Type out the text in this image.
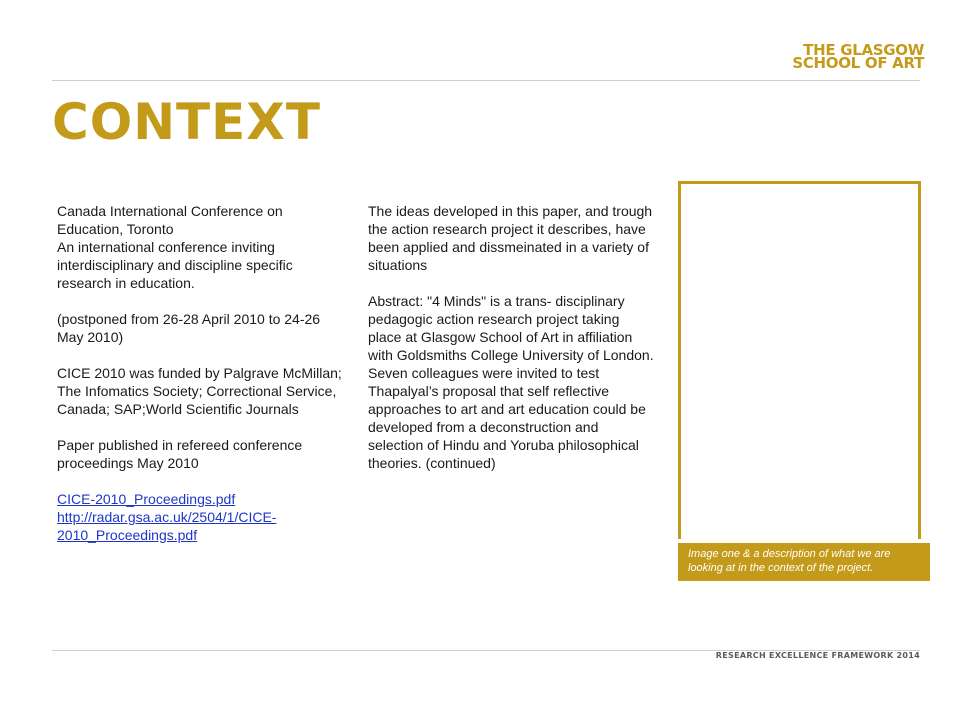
THE GLASGOW
SCHOOL OF ART
CONTEXT

Canada International Conference on Education, Toronto
An international conference inviting interdisciplinary and discipline specific research in education.

(postponed from 26-28 April 2010 to 24-26 May 2010)

CICE 2010 was funded by Palgrave McMillan; The Infomatics Society; Correctional Service, Canada; SAP;World Scientific Journals

Paper published in refereed conference proceedings May 2010

CICE-2010_Proceedings.pdf
http://radar.gsa.ac.uk/2504/1/CICE-
2010_Proceedings.pdf

The ideas developed in this paper, and trough the action research project it describes, have been applied and dissmeinated in a variety of situations

Abstract: "4 Minds" is a trans- disciplinary pedagogic action research project taking place at Glasgow School of Art in affiliation with Goldsmiths College University of London. Seven colleagues were invited to test Thapalyal’s proposal that self reflective approaches to art and art education could be developed from a deconstruction and selection of Hindu and Yoruba philosophical theories. (continued)

Image one & a description of what we are looking at in the context of the project.
RESEARCH EXCELLENCE FRAMEWORK 2014
